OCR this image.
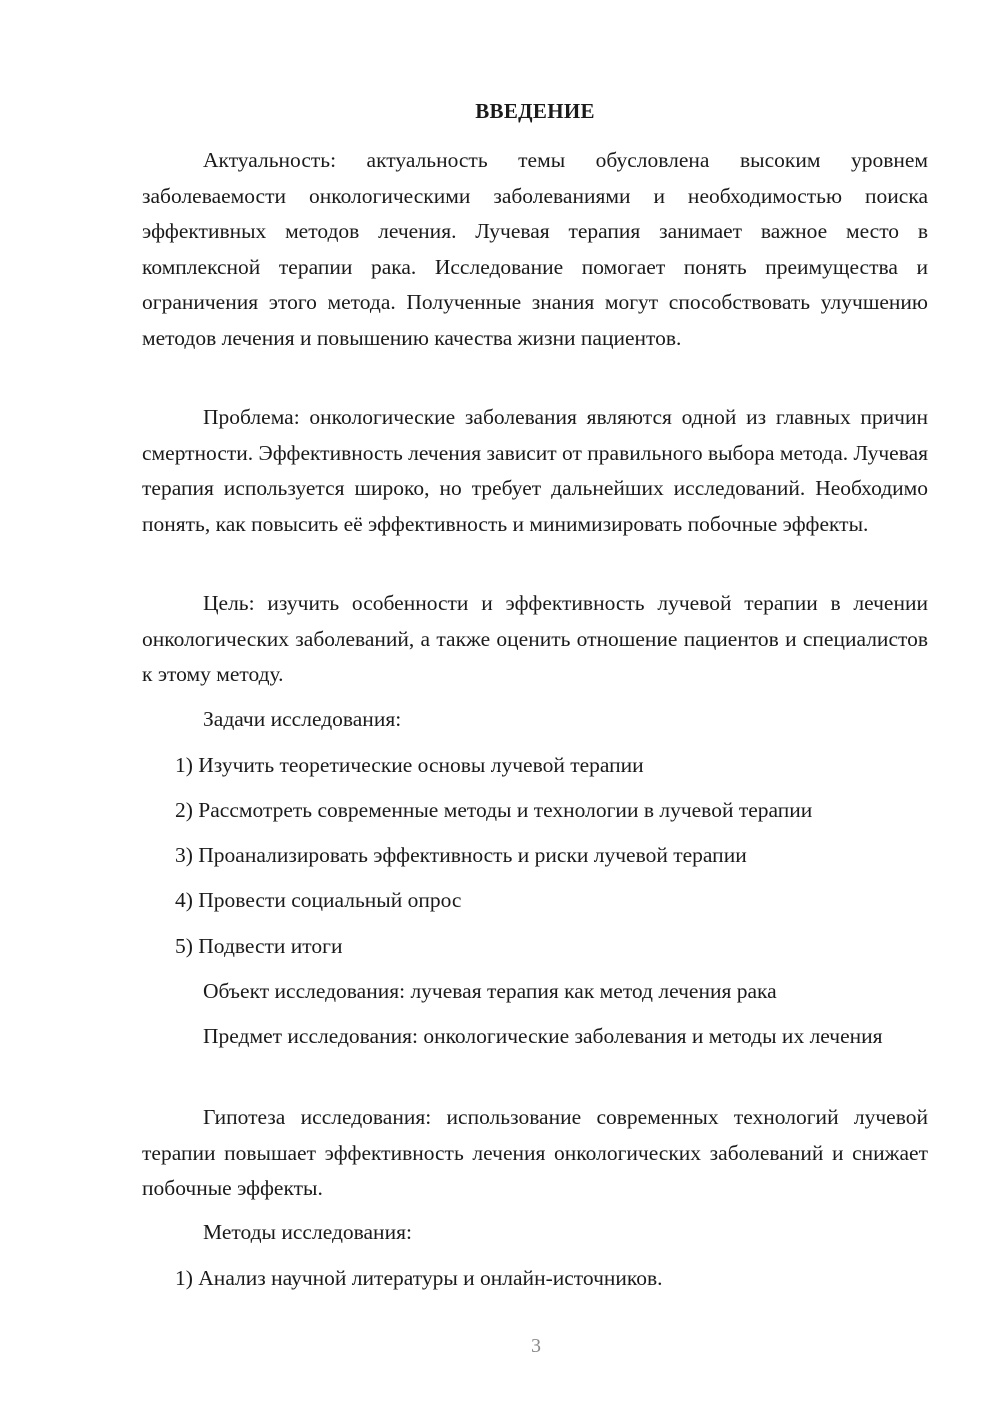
ВВЕДЕНИЕ

Актуальность: актуальность темы обусловлена высоким уровнем заболеваемости онкологическими заболеваниями и необходимостью поиска эффективных методов лечения. Лучевая терапия занимает важное место в комплексной терапии рака. Исследование помогает понять преимущества и ограничения этого метода. Полученные знания могут способствовать улучшению методов лечения и повышению качества жизни пациентов.

Проблема: онкологические заболевания являются одной из главных причин смертности. Эффективность лечения зависит от правильного выбора метода. Лучевая терапия используется широко, но требует дальнейших исследований. Необходимо понять, как повысить её эффективность и минимизировать побочные эффекты.

Цель: изучить особенности и эффективность лучевой терапии в лечении онкологических заболеваний, а также оценить отношение пациентов и специалистов к этому методу.

Задачи исследования:

1) Изучить теоретические основы лучевой терапии

2) Рассмотреть современные методы и технологии в лучевой терапии

3) Проанализировать эффективность и риски лучевой терапии

4) Провести социальный опрос

5) Подвести итоги

Объект исследования: лучевая терапия как метод лечения рака

Предмет исследования: онкологические заболевания и методы их лечения

Гипотеза исследования: использование современных технологий лучевой терапии повышает эффективность лечения онкологических заболеваний и снижает побочные эффекты.

Методы исследования:

1) Анализ научной литературы и онлайн-источников.

3
